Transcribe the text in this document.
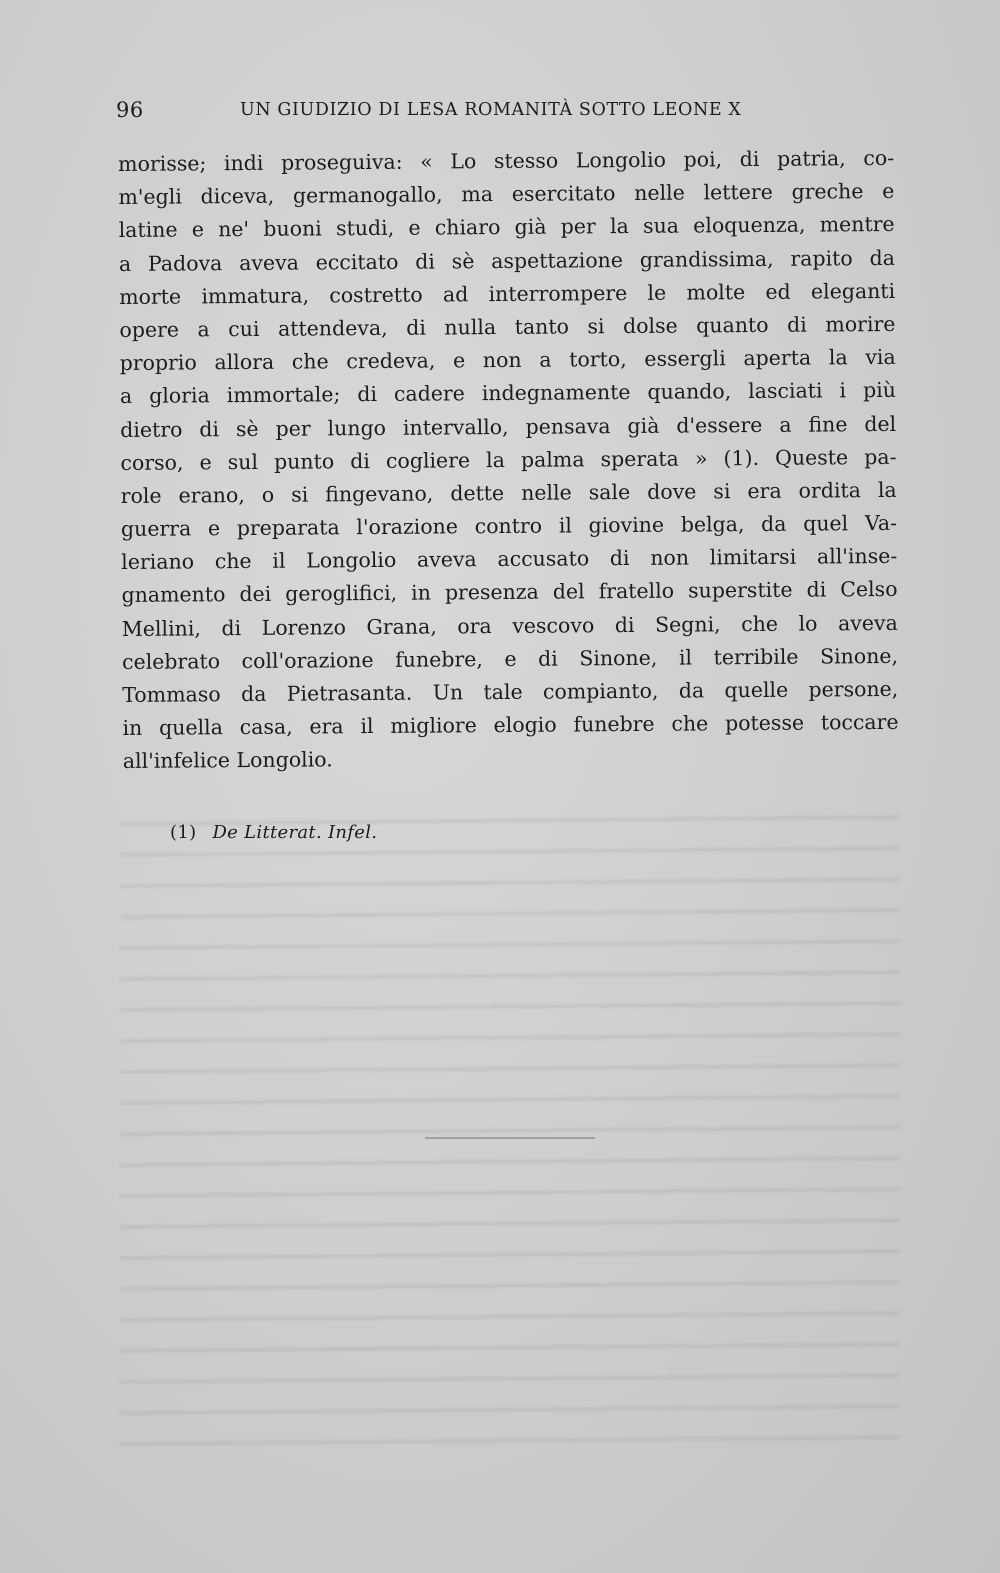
96	UN GIUDIZIO DI LESA ROMANITÀ SOTTO LEONE X
morisse; indi proseguiva: « Lo stesso Longolio poi, di patria, co-
m'egli diceva, germanogallo, ma esercitato nelle lettere greche e
latine e ne' buoni studi, e chiaro già per la sua eloquenza, mentre
a Padova aveva eccitato di sè aspettazione grandissima, rapito da
morte immatura, costretto ad interrompere le molte ed eleganti
opere a cui attendeva, di nulla tanto si dolse quanto di morire
proprio allora che credeva, e non a torto, essergli aperta la via
a gloria immortale; di cadere indegnamente quando, lasciati i più
dietro di sè per lungo intervallo, pensava già d'essere a fine del
corso, e sul punto di cogliere la palma sperata » (1). Queste pa-
role erano, o si fingevano, dette nelle sale dove si era ordita la
guerra e preparata l'orazione contro il giovine belga, da quel Va-
leriano che il Longolio aveva accusato di non limitarsi all'inse-
gnamento dei geroglifici, in presenza del fratello superstite di Celso
Mellini, di Lorenzo Grana, ora vescovo di Segni, che lo aveva
celebrato coll'orazione funebre, e di Sinone, il terribile Sinone,
Tommaso da Pietrasanta. Un tale compianto, da quelle persone,
in quella casa, era il migliore elogio funebre che potesse toccare
all'infelice Longolio.
(1) De Litterat. Infel.
